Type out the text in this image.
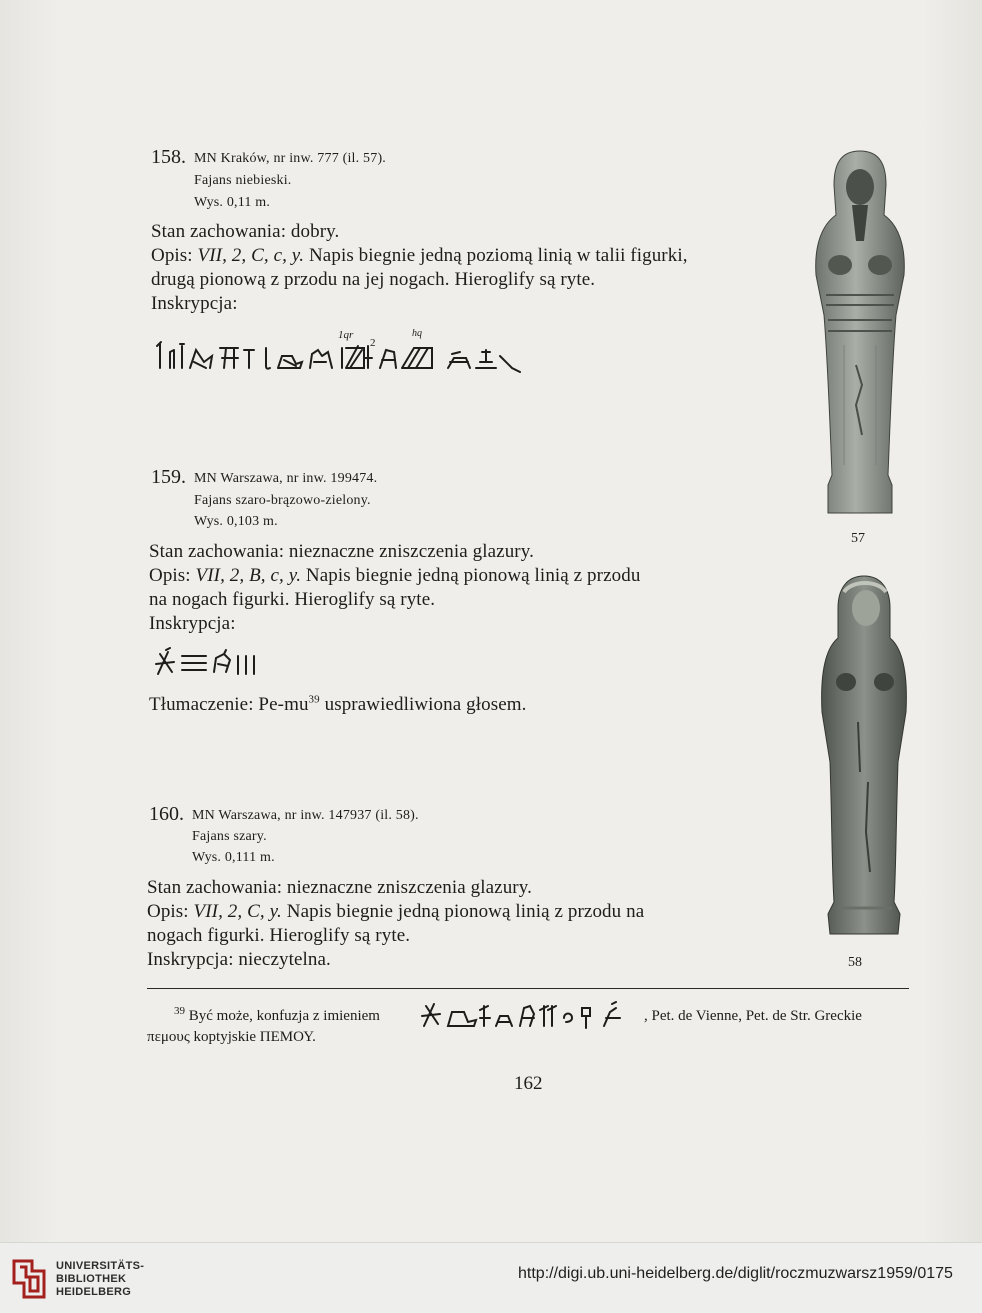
158. MN Kraków, nr inw. 777 (il. 57).
Fajans niebieski.
Wys. 0,11 m.
Stan zachowania: dobry.
Opis: VII, 2, C, c, y. Napis biegnie jedną poziomą linią w talii figurki,
drugą pionową z przodu na jej nogach. Hieroglify są ryte.
Inskrypcja:
1qr
2
hq
159. MN Warszawa, nr inw. 199474.
Fajans szaro-brązowo-zielony.
Wys. 0,103 m.
Stan zachowania: nieznaczne zniszczenia glazury.
Opis: VII, 2, B, c, y. Napis biegnie jedną pionową linią z przodu
na nogach figurki. Hieroglify są ryte.
Inskrypcja:
Tłumaczenie: $Pe-mu^{39}$ usprawiedliwiona głosem.
160. MN Warszawa, nr inw. 147937 (il. 58).
Fajans szary.
Wys. 0,111 m.
Stan zachowania: nieznaczne zniszczenia glazury.
Opis: VII, 2, C, y. Napis biegnie jedną pionową linią z przodu na
nogach figurki. Hieroglify są ryte.
Inskrypcja: nieczytelna.
57
58
$^{39}$ Być może, konfuzja z imieniem	, Pet. de Vienne, Pet. de Str. Greckie
πεμους koptyjskie ΠΕΜΟΥ.
162
UNIVERSITÄTS-
BIBLIOTHEK
HEIDELBERG
http://digi.ub.uni-heidelberg.de/diglit/roczmuzwarsz1959/0175
